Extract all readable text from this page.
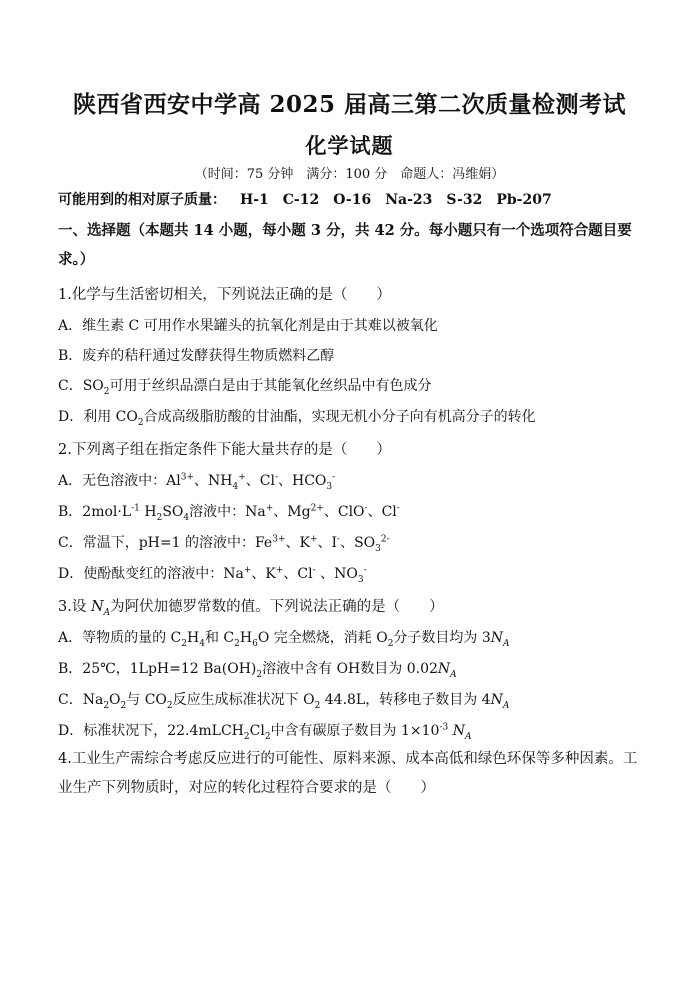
陕西省西安中学高 2025 届高三第二次质量检测考试
化学试题
（时间：75 分钟　满分：100 分　命题人：冯维娟）
可能用到的相对原子质量： H-1 C-12 O-16 Na-23 S-32 Pb-207
一、选择题（本题共 14 小题，每小题 3 分，共 42 分。每小题只有一个选项符合题目要求。）
1.化学与生活密切相关，下列说法正确的是（　　）
A．维生素 C 可用作水果罐头的抗氧化剂是由于其难以被氧化
B．废弃的秸秆通过发酵获得生物质燃料乙醇
C．$SO_2$可用于丝织品漂白是由于其能氧化丝织品中有色成分
D．利用 $CO_2$合成高级脂肪酸的甘油酯，实现无机小分子向有机高分子的转化
2.下列离子组在指定条件下能大量共存的是（　　）
A．无色溶液中：$Al^{3+}$、$NH_4^+$、Cl-、$HCO_3^-$
B．$2mol\cdot L^{-1}$ $H_2SO_4$溶液中：Na+、$Mg^{2+}$、ClO-、Cl-
C．常温下，pH=1 的溶液中：$Fe^{3+}$、K+、I-、$SO_3^{2-}$
D．使酚酞变红的溶液中：Na+、K+、Cl- 、$NO_3^-$
3.设 $N_A$为阿伏加德罗常数的值。下列说法正确的是（　　）
A．等物质的量的 $C_2H_4$和 $C_2H_6O$ 完全燃烧，消耗 $O_2$分子数目均为 $3N_A$
B．25℃，1LpH=12 $Ba(OH)_2$溶液中含有 OH数目为 $0.02N_A$
C．$Na_2O_2$与 $CO_2$反应生成标准状况下 $O_2$ 44.8L，转移电子数目为 $4N_A$
D．标准状况下，$22.4mLCH_2Cl_2$中含有碳原子数目为 $1\times 10^{-3}$ $N_A$
4.工业生产需综合考虑反应进行的可能性、原料来源、成本高低和绿色环保等多种因素。工业生产下列物质时，对应的转化过程符合要求的是（　　）
